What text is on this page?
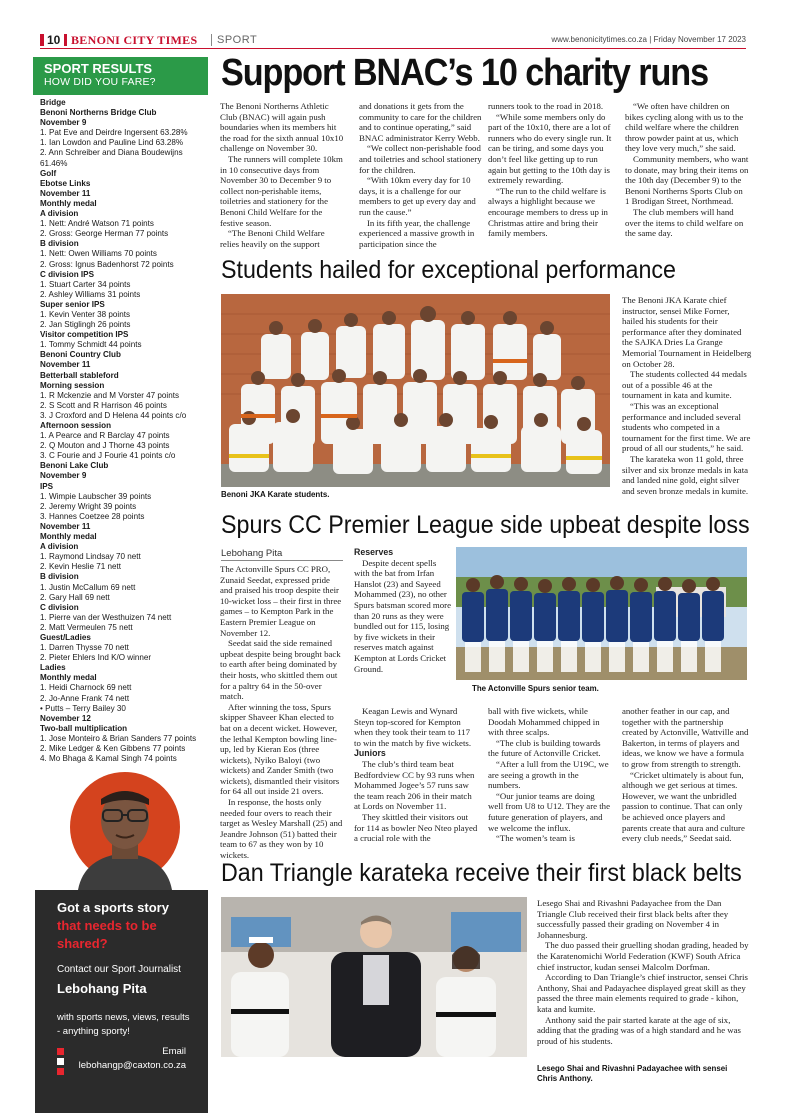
10 BENONI CITY TIMES SPORT	www.benonicitytimes.co.za | Friday November 17 2023
SPORT RESULTS
HOW DID YOU FARE?
Bridge
Benoni Northerns Bridge Club
November 9
1. Pat Eve and Deirdre Ingersent 63.28%
1. Ian Lowdon and Pauline Lind 63.28%
2. Ann Schreiber and Diana Boudewijns
61.46%
Golf
Ebotse Links
November 11
Monthly medal
A division
1. Nett: André Watson 71 points
2. Gross: George Herman 77 points
B division
1. Nett: Owen Williams 70 points
2. Gross: Ignus Badenhorst 72 points
C division IPS
1. Stuart Carter 34 points
2. Ashley Williams 31 points
Super senior IPS
1. Kevin Venter 38 points
2. Jan Stiglingh 26 points
Visitor competition IPS
1. Tommy Schmidt 44 points
Benoni Country Club
November 11
Betterball stableford
Morning session
1. R Mckenzie and M Vorster 47 points
2. S Scott and R Harrison 46 points
3. J Croxford and D Helena 44 points c/o
Afternoon session
1. A Pearce and R Barclay 47 points
2. Q Mouton and J Thorne 43 points
3. C Fourie and J Fourie 41 points c/o
Benoni Lake Club
November 9
IPS
1. Wimpie Laubscher 39 points
2. Jeremy Wright 39 points
3. Hannes Coetzee 28 points
November 11
Monthly medal
A division
1. Raymond Lindsay 70 nett
2. Kevin Heslie 71 nett
B division
1. Justin McCallum 69 nett
2. Gary Hall 69 nett
C division
1. Pierre van der Westhuizen 74 nett
2. Matt Vermeulen 75 nett
Guest/Ladies
1. Darren Thysse 70 nett
2. Pieter Ehlers Ind K/O winner
Ladies
Monthly medal
1. Heidi Charnock 69 nett
2. Jo-Anne Frank 74 nett
• Putts – Terry Bailey 30
November 12
Two-ball multiplication
1. Jose Monteiro & Brian Sanders 77 points
2. Mike Ledger & Ken Gibbens 77 points
4. Mo Bhaga & Kamal Singh 74 points
Got a sports story
that needs to be
shared?
Contact our Sport Journalist
Lebohang Pita
with sports news, views, results
- anything sporty!
Email
lebohangp@caxton.co.za
Support BNAC’s 10 charity runs

The Benoni Northerns Athletic Club (BNAC) will again push boundaries when its members hit the road for the sixth annual 10x10 challenge on November 30.

The runners will complete 10km in 10 consecutive days from November 30 to December 9 to collect non-perishable items, toiletries and stationery for the Benoni Child Welfare for the festive season.

“The Benoni Child Welfare relies heavily on the support

and donations it gets from the community to care for the children and to continue operating,” said BNAC administrator Kerry Webb.

“We collect non-perishable food and toiletries and school stationery for the children.

“With 10km every day for 10 days, it is a challenge for our members to get up every day and run the cause.”

In its fifth year, the challenge experienced a massive growth in participation since the

runners took to the road in 2018.

“While some members only do part of the 10x10, there are a lot of runners who do every single run. It can be tiring, and some days you don’t feel like getting up to run again but getting to the 10th day is extremely rewarding.

“The run to the child welfare is always a highlight because we encourage members to dress up in Christmas attire and bring their family members.

“We often have children on bikes cycling along with us to the child welfare where the children throw powder paint at us, which they love very much,” she said.

Community members, who want to donate, may bring their items on the 10th day (December 9) to the Benoni Northerns Sports Club on 1 Brodigan Street, Northmead.

The club members will hand over the items to child welfare on the same day.

Students hailed for exceptional performance
Benoni JKA Karate students.

The Benoni JKA Karate chief instructor, sensei Mike Forner, hailed his students for their performance after they dominated the SAJKA Dries La Grange Memorial Tournament in Heidelberg on October 28.

The students collected 44 medals out of a possible 46 at the tournament in kata and kumite.

“This was an exceptional performance and included several students who competed in a tournament for the first time. We are proud of all our students,” he said.

The karateka won 11 gold, three silver and six bronze medals in kata and landed nine gold, eight silver and seven bronze medals in kumite.

Spurs CC Premier League side upbeat despite loss
Lebohang Pita

The Actonville Spurs CC PRO, Zunaid Seedat, expressed pride and praised his troop despite their 10-wicket loss – their first in three games – to Kempton Park in the Eastern Premier League on November 12.

Seedat said the side remained upbeat despite being brought back to earth after being dominated by their hosts, who skittled them out for a paltry 64 in the 50-over match.

After winning the toss, Spurs skipper Shaveer Khan elected to bat on a decent wicket. However, the lethal Kempton bowling line-up, led by Kieran Eos (three wickets), Nyiko Baloyi (two wickets) and Zander Smith (two wickets), dismantled their visitors for 64 all out inside 21 overs.

In response, the hosts only needed four overs to reach their target as Wesley Marshall (25) and Jeandre Johnson (51) batted their team to 67 as they won by 10 wickets.

Reserves

Despite decent spells with the bat from Irfan Hanslot (23) and Sayeed Mohammed (23), no other Spurs batsman scored more than 20 runs as they were bundled out for 115, losing by five wickets in their reserves match against Kempton at Lords Cricket Ground.

The Actonville Spurs senior team.

Keagan Lewis and Wynard Steyn top-scored for Kempton when they took their team to 117 to win the match by five wickets.

Juniors

The club’s third team beat Bedfordview CC by 93 runs when Mohammed Jogee’s 57 runs saw the team reach 206 in their match at Lords on November 11.

They skittled their visitors out for 114 as bowler Neo Nteo played a crucial role with the

ball with five wickets, while Doodah Mohammed chipped in with three scalps.

“The club is building towards the future of Actonville Cricket.

“After a lull from the U19C, we are seeing a growth in the numbers.

“Our junior teams are doing well from U8 to U12. They are the future generation of players, and we welcome the influx.

“The women’s team is

another feather in our cap, and together with the partnership created by Actonville, Wattville and Bakerton, in terms of players and ideas, we know we have a formula to grow from strength to strength.

“Cricket ultimately is about fun, although we get serious at times. However, we want the unbridled passion to continue. That can only be achieved once players and parents create that aura and culture every club needs,” Seedat said.

Dan Triangle karateka receive their first black belts
Lesego Shai and Rivashni Padayachee with sensei Chris Anthony.

Lesego Shai and Rivashni Padayachee from the Dan Triangle Club received their first black belts after they successfully passed their grading on November 4 in Johannesburg.

The duo passed their gruelling shodan grading, headed by the Karatenomichi World Federation (KWF) South Africa chief instructor, kudan sensei Malcolm Dorfman.

According to Dan Triangle’s chief instructor, sensei Chris Anthony, Shai and Padayachee displayed great skill as they passed the three main elements required to grade - kihon, kata and kumite.

Anthony said the pair started karate at the age of six, adding that the grading was of a high standard and he was proud of his students.
